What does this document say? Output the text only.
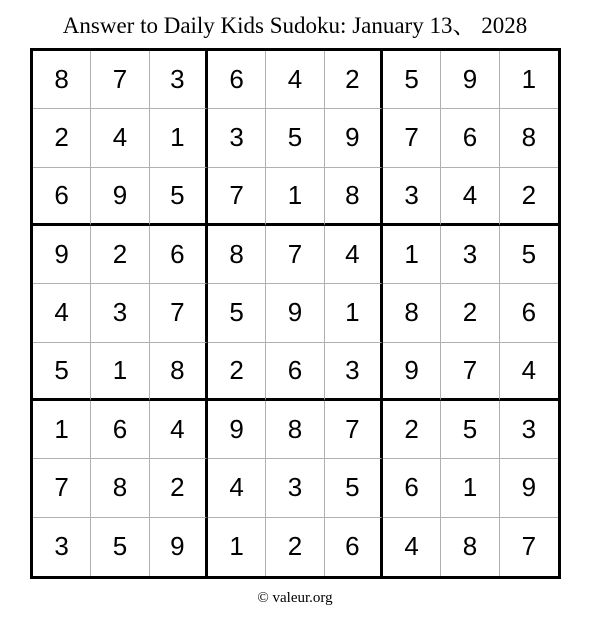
Answer to Daily Kids Sudoku: January 13、 2028
8	7	3	6	4	2	5	9	1
2	4	1	3	5	9	7	6	8
6	9	5	7	1	8	3	4	2
9	2	6	8	7	4	1	3	5
4	3	7	5	9	1	8	2	6
5	1	8	2	6	3	9	7	4
1	6	4	9	8	7	2	5	3
7	8	2	4	3	5	6	1	9
3	5	9	1	2	6	4	8	7
© valeur.org
